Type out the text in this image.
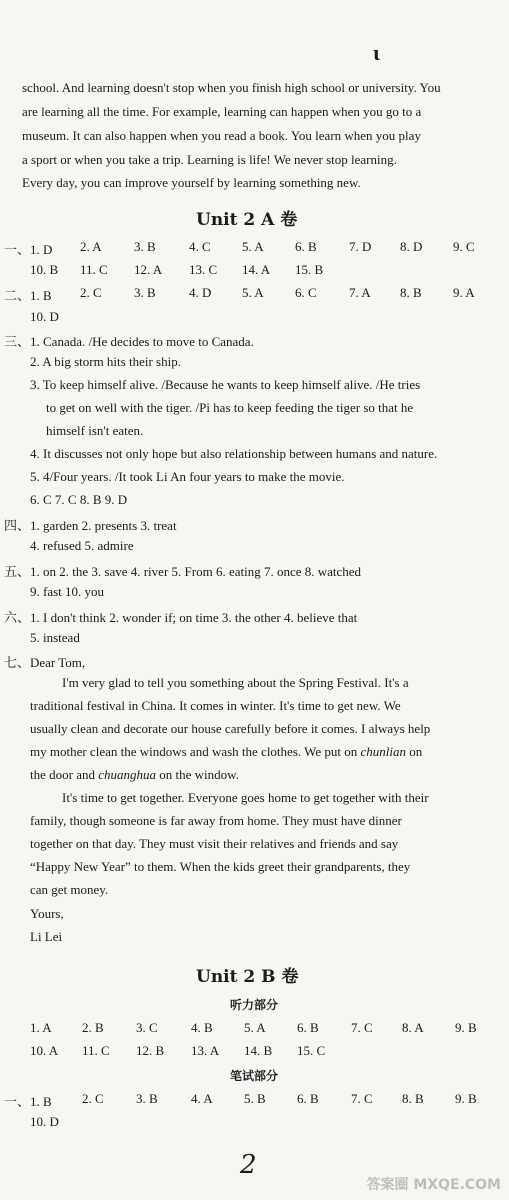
ɩ
school. And learning doesn't stop when you finish high school or university. You
are learning all the time. For example, learning can happen when you go to a
museum. It can also happen when you read a book. You learn when you play
a sport or when you take a trip. Learning is life! We never stop learning.
Every day, you can improve yourself by learning something new.
Unit 2 A 卷
一、1. D 2. A 3. B	4. C 5. A 6. B 7. D 8. D 9. C
10. B 11. C 12. A 13. C 14. A 15. B
二、1. B 2. C 3. B	4. D 5. A 6. C 7. A 8. B 9. A
10. D
三、1. Canada. /He decides to move to Canada.
2. A big storm hits their ship.
3. To keep himself alive. /Because he wants to keep himself alive. /He tries
to get on well with the tiger. /Pi has to keep feeding the tiger so that he
himself isn't eaten.
4. It discusses not only hope but also relationship between humans and nature.
5. 4/Four years. /It took Li An four years to make the movie.
6. C 7. C 8. B 9. D
四、1. garden 2. presents 3. treat
4. refused 5. admire
五、1. on 2. the 3. save 4. river 5. From 6. eating 7. once 8. watched
9. fast 10. you
六、1. I don't think 2. wonder if; on time 3. the other 4. believe that
5. instead
七、Dear Tom,
I'm very glad to tell you something about the Spring Festival. It's a
traditional festival in China. It comes in winter. It's time to get new. We
usually clean and decorate our house carefully before it comes. I always help
my mother clean the windows and wash the clothes. We put on chunlian on
the door and chuanghua on the window.
It's time to get together. Everyone goes home to get together with their
family, though someone is far away from home. They must have dinner
together on that day. They must visit their relatives and friends and say
“Happy New Year” to them. When the kids greet their grandparents, they
can get money.
Yours,
Li Lei
Unit 2 B 卷
听力部分
1. A 2. B 3. C	4. B 5. A 6. B 7. C 8. A 9. B
10. A 11. C 12. B 13. A 14. B 15. C
笔试部分
一、1. B 2. C 3. B	4. A 5. B 6. B 7. C 8. B 9. B
10. D
2
答案圈 MXQE.COM
